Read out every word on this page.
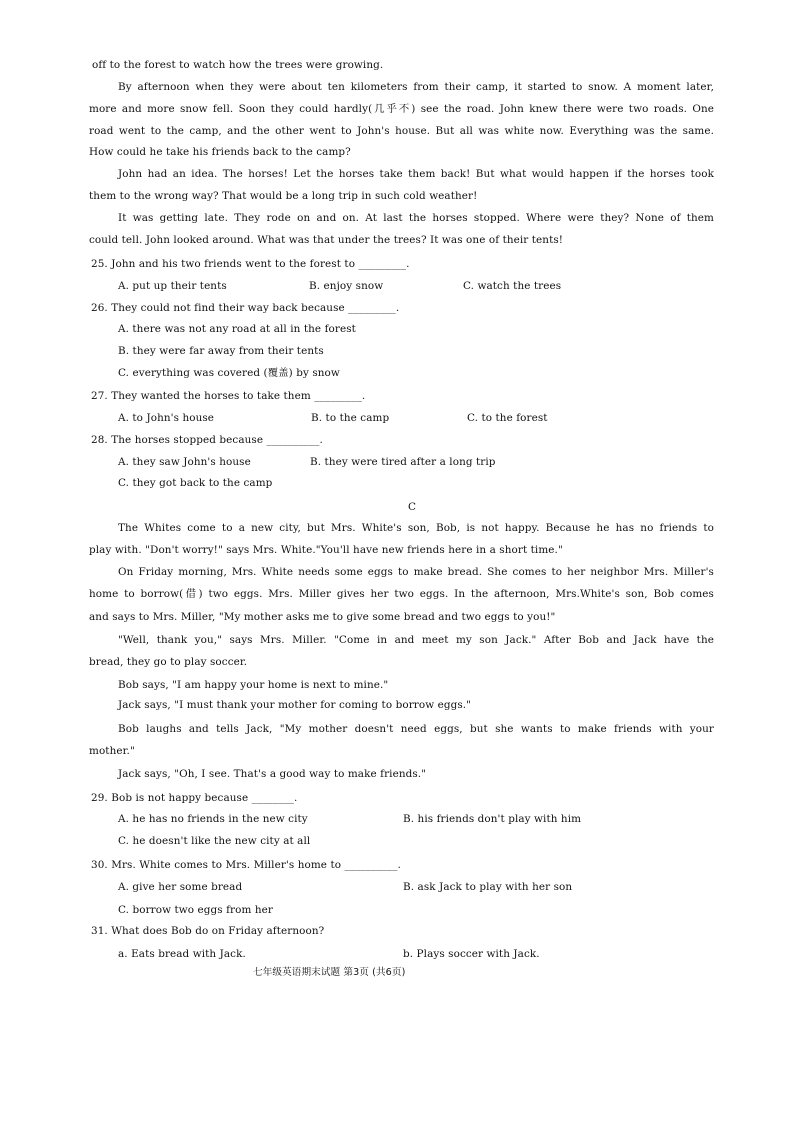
off to the forest to watch how the trees were growing.
By afternoon when they were about ten kilometers from their camp, it started to snow. A moment later,
more and more snow fell. Soon they could hardly(几乎不) see the road. John knew there were two roads. One
road went to the camp, and the other went to John's house. But all was white now. Everything was the same.
How could he take his friends back to the camp?
John had an idea. The horses! Let the horses take them back! But what would happen if the horses took
them to the wrong way? That would be a long trip in such cold weather!
It was getting late. They rode on and on. At last the horses stopped. Where were they? None of them
could tell. John looked around. What was that under the trees? It was one of their tents!
25. John and his two friends went to the forest to _________.
A. put up their tents	B. enjoy snow	C. watch the trees
26. They could not find their way back because _________.
A. there was not any road at all in the forest
B. they were far away from their tents
C. everything was covered (覆盖) by snow
27. They wanted the horses to take them _________.
A. to John's house	B. to the camp	C. to the forest
28. The horses stopped because __________.
A. they saw John's house	B. they were tired after a long trip
C. they got back to the camp
C
The Whites come to a new city, but Mrs. White's son, Bob, is not happy. Because he has no friends to
play with. "Don't worry!" says Mrs. White."You'll have new friends here in a short time."
On Friday morning, Mrs. White needs some eggs to make bread. She comes to her neighbor Mrs. Miller's
home to borrow(借) two eggs. Mrs. Miller gives her two eggs. In the afternoon, Mrs.White's son, Bob comes
and says to Mrs. Miller, "My mother asks me to give some bread and two eggs to you!"
"Well, thank you," says Mrs. Miller. "Come in and meet my son Jack." After Bob and Jack have the
bread, they go to play soccer.
Bob says, "I am happy your home is next to mine."
Jack says, "I must thank your mother for coming to borrow eggs."
Bob laughs and tells Jack, "My mother doesn't need eggs, but she wants to make friends with your
mother."
Jack says, "Oh, I see. That's a good way to make friends."
29. Bob is not happy because ________.
A. he has no friends in the new city	B. his friends don't play with him
C. he doesn't like the new city at all
30. Mrs. White comes to Mrs. Miller's home to __________.
A. give her some bread	B. ask Jack to play with her son
C. borrow two eggs from her
31. What does Bob do on Friday afternoon?
a. Eats bread with Jack.	b. Plays soccer with Jack.
七年级英语期末试题 第3页 (共6页)
